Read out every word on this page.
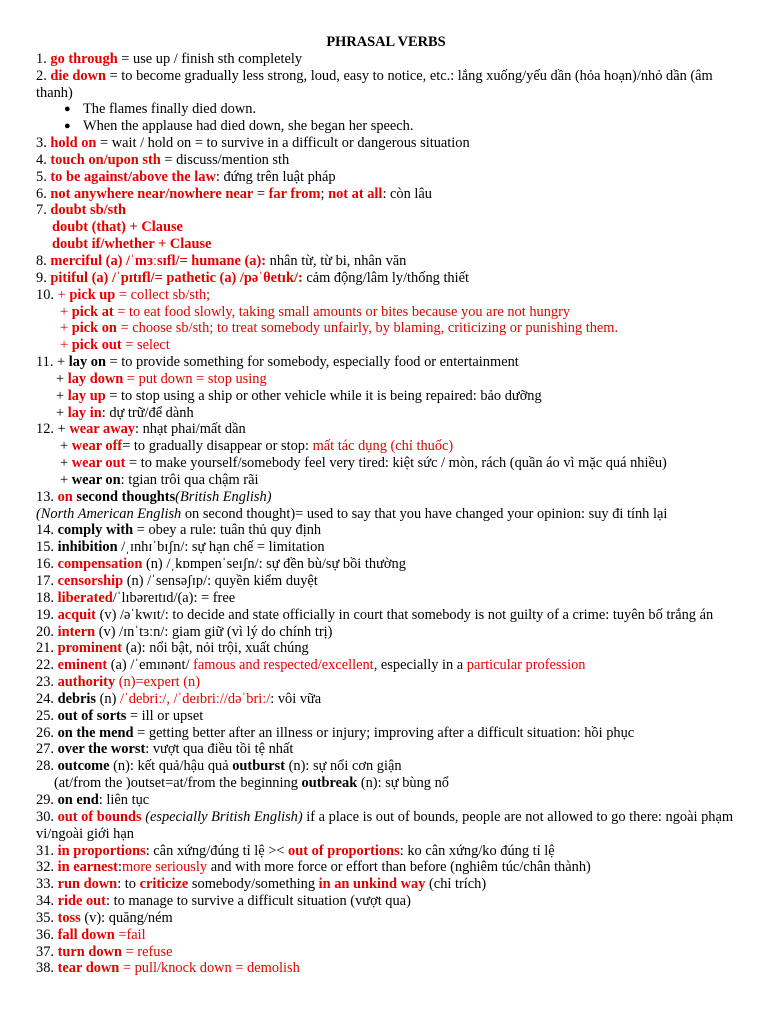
PHRASAL VERBS
1. go through = use up / finish sth completely
2. die down = to become gradually less strong, loud, easy to notice, etc.: lắng xuống/yếu dần (hỏa hoạn)/nhỏ dần (âm thanh)
● The flames finally died down.
● When the applause had died down, she began her speech.
3. hold on = wait / hold on = to survive in a difficult or dangerous situation
4. touch on/upon sth = discuss/mention sth
5. to be against/above the law: đứng trên luật pháp
6. not anywhere near/nowhere near = far from; not at all: còn lâu
7. doubt sb/sth
doubt (that) + Clause
doubt if/whether + Clause
8. merciful (a) /ˈmɜːsɪfl/= humane (a): nhân từ, từ bi, nhân văn
9. pitiful (a) /ˈpɪtɪfl/= pathetic (a) /pəˈθetɪk/: cảm động/lâm ly/thống thiết
10. + pick up = collect sb/sth;
+ pick at = to eat food slowly, taking small amounts or bites because you are not hungry
+ pick on = choose sb/sth; to treat somebody unfairly, by blaming, criticizing or punishing them.
+ pick out = select
11. + lay on = to provide something for somebody, especially food or entertainment
+ lay down = put down = stop using
+ lay up = to stop using a ship or other vehicle while it is being repaired: bảo dưỡng
+ lay in: dự trữ/để dành
12. + wear away: nhạt phai/mất dần
+ wear off= to gradually disappear or stop: mất tác dụng (chỉ thuốc)
+ wear out = to make yourself/somebody feel very tired: kiệt sức / mòn, rách (quần áo vì mặc quá nhiều)
+ wear on: tgian trôi qua chậm rãi
13. on second thoughts(British English)
(North American English on second thought)= used to say that you have changed your opinion: suy đi tính lại
14. comply with = obey a rule: tuân thủ quy định
15. inhibition /ˌɪnhɪˈbɪʃn/: sự hạn chế = limitation
16. compensation (n) /ˌkɒmpenˈseɪʃn/: sự đền bù/sự bồi thường
17. censorship (n) /ˈsensəʃɪp/: quyền kiểm duyệt
18. liberated/ˈlɪbəreɪtɪd/(a): = free
19. acquit (v) /əˈkwɪt/: to decide and state officially in court that somebody is not guilty of a crime: tuyên bố trắng án
20. intern (v) /ɪnˈtɜːn/: giam giữ (vì lý do chính trị)
21. prominent (a): nổi bật, nỏi trội, xuất chúng
22. eminent (a) /ˈemɪnənt/ famous and respected/excellent, especially in a particular profession
23. authority (n)=expert (n)
24. debris (n) /ˈdebriː/, /ˈdeɪbriː//dəˈbriː/: vôi vữa
25. out of sorts = ill or upset
26. on the mend = getting better after an illness or injury; improving after a difficult situation: hồi phục
27. over the worst: vượt qua điều tồi tệ nhất
28. outcome (n): kết quả/hậu quả outburst (n): sự nổi cơn giận
(at/from the )outset=at/from the beginning outbreak (n): sự bùng nổ
29. on end: liên tục
30. out of bounds (especially British English) if a place is out of bounds, people are not allowed to go there: ngoài phạm vi/ngoài giới hạn
31. in proportions: cân xứng/đúng tỉ lệ >< out of proportions: ko cân xứng/ko đúng tỉ lệ
32. in earnest:more seriously and with more force or effort than before (nghiêm túc/chân thành)
33. run down: to criticize somebody/something in an unkind way (chỉ trích)
34. ride out: to manage to survive a difficult situation (vượt qua)
35. toss (v): quăng/ném
36. fall down =fail
37. turn down = refuse
38. tear down = pull/knock down = demolish
